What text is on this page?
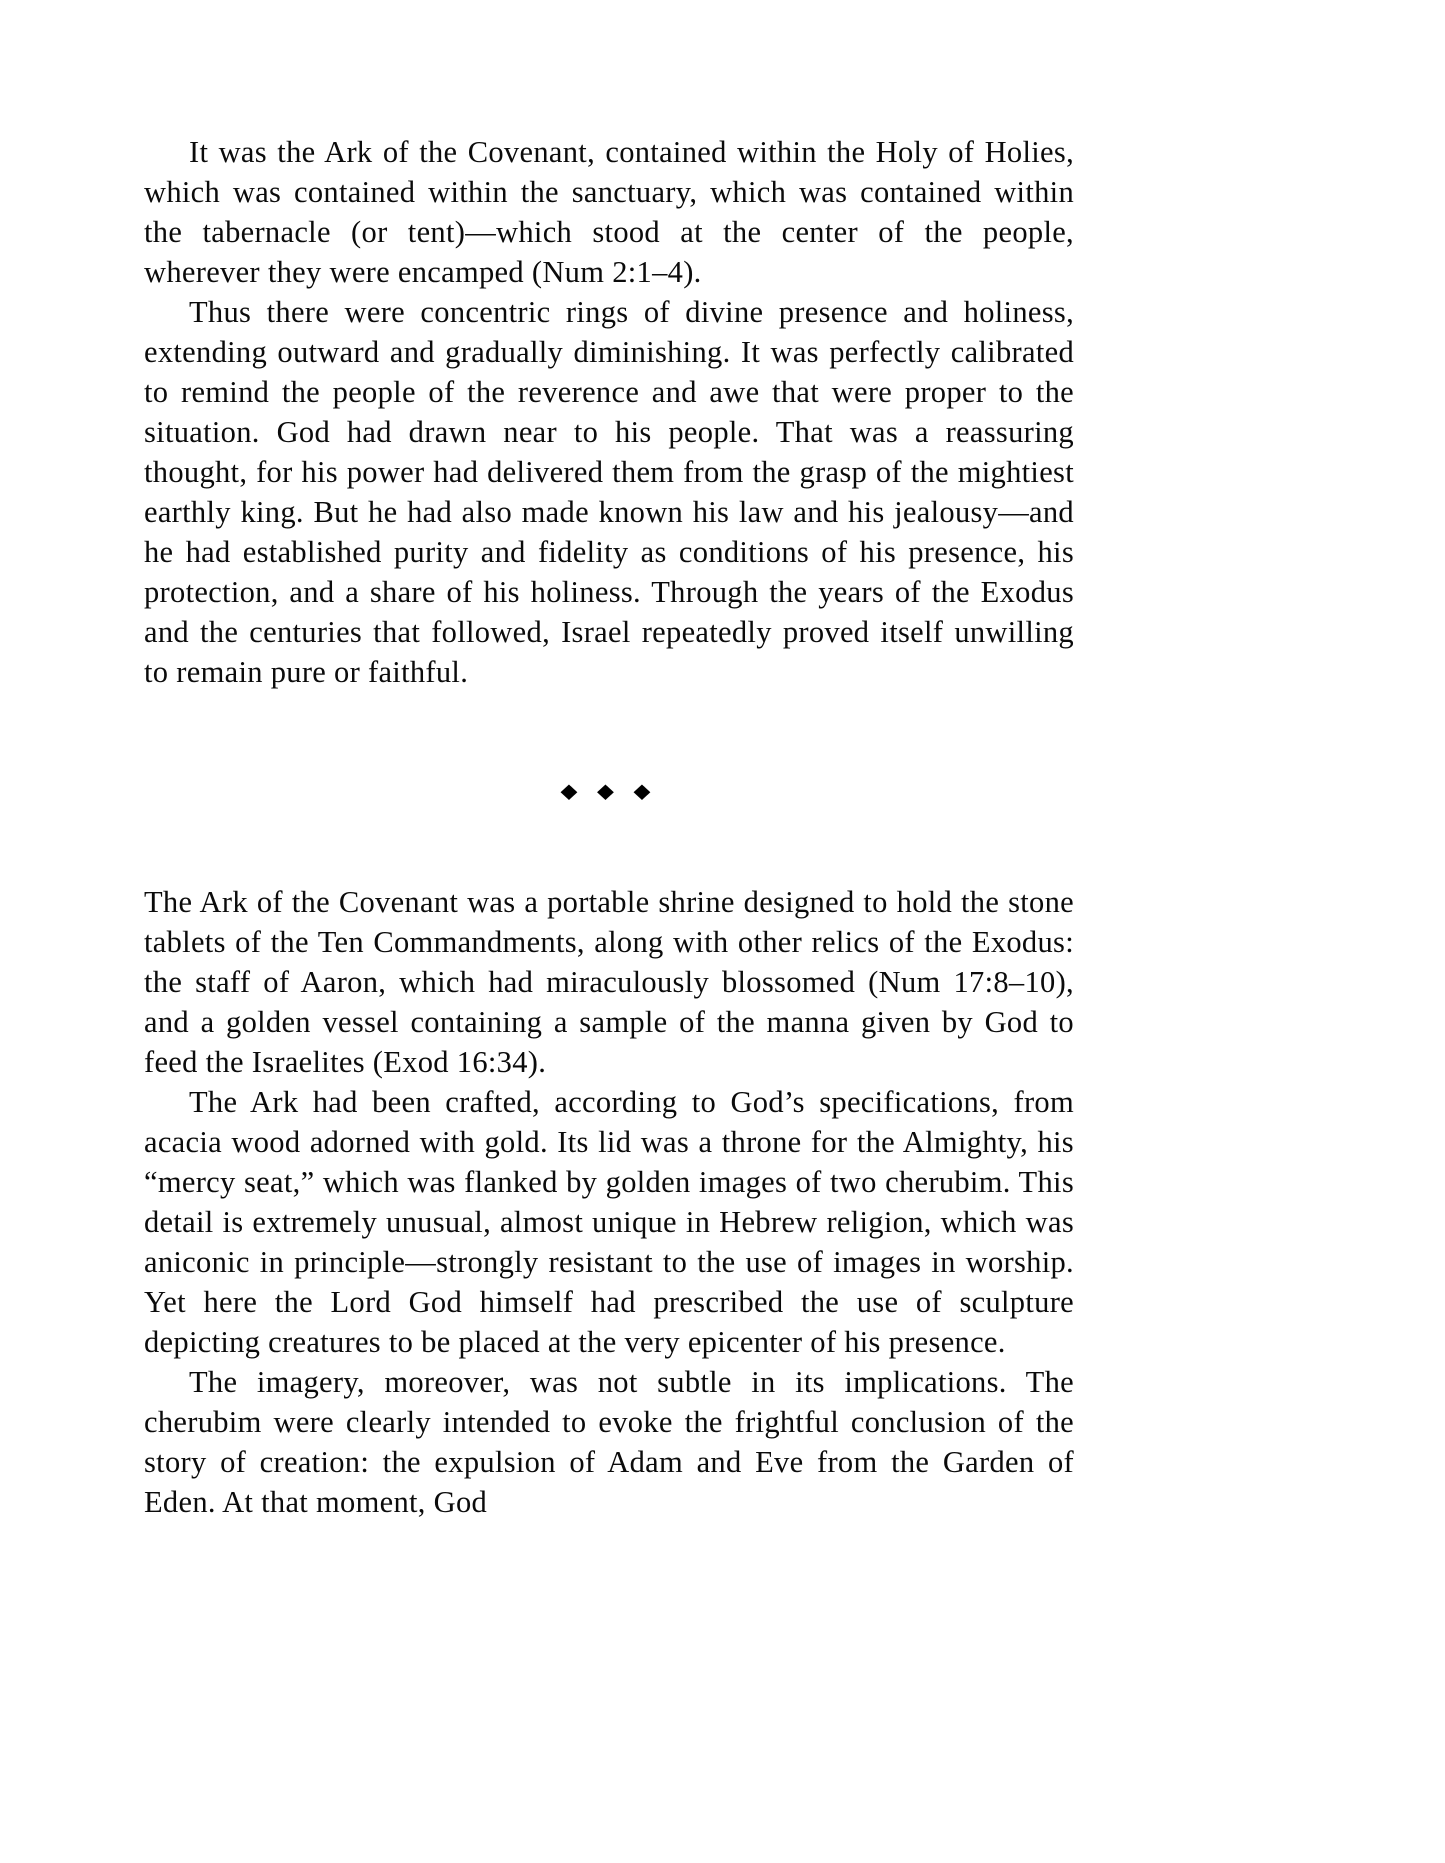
It was the Ark of the Covenant, contained within the Holy of Holies, which was contained within the sanctuary, which was contained within the tabernacle (or tent)—which stood at the center of the people, wherever they were encamped (Num 2:1–4).

Thus there were concentric rings of divine presence and holiness, extending outward and gradually diminishing. It was perfectly calibrated to remind the people of the reverence and awe that were proper to the situation. God had drawn near to his people. That was a reassuring thought, for his power had delivered them from the grasp of the mightiest earthly king. But he had also made known his law and his jealousy—and he had established purity and fidelity as conditions of his presence, his protection, and a share of his holiness. Through the years of the Exodus and the centuries that followed, Israel repeatedly proved itself unwilling to remain pure or faithful.

◆ ◆ ◆

The Ark of the Covenant was a portable shrine designed to hold the stone tablets of the Ten Commandments, along with other relics of the Exodus: the staff of Aaron, which had miraculously blossomed (Num 17:8–10), and a golden vessel containing a sample of the manna given by God to feed the Israelites (Exod 16:34).

The Ark had been crafted, according to God’s specifications, from acacia wood adorned with gold. Its lid was a throne for the Almighty, his “mercy seat,” which was flanked by golden images of two cherubim. This detail is extremely unusual, almost unique in Hebrew religion, which was aniconic in principle—strongly resistant to the use of images in worship. Yet here the Lord God himself had prescribed the use of sculpture depicting creatures to be placed at the very epicenter of his presence.

The imagery, moreover, was not subtle in its implications. The cherubim were clearly intended to evoke the frightful conclusion of the story of creation: the expulsion of Adam and Eve from the Garden of Eden. At that moment, God
